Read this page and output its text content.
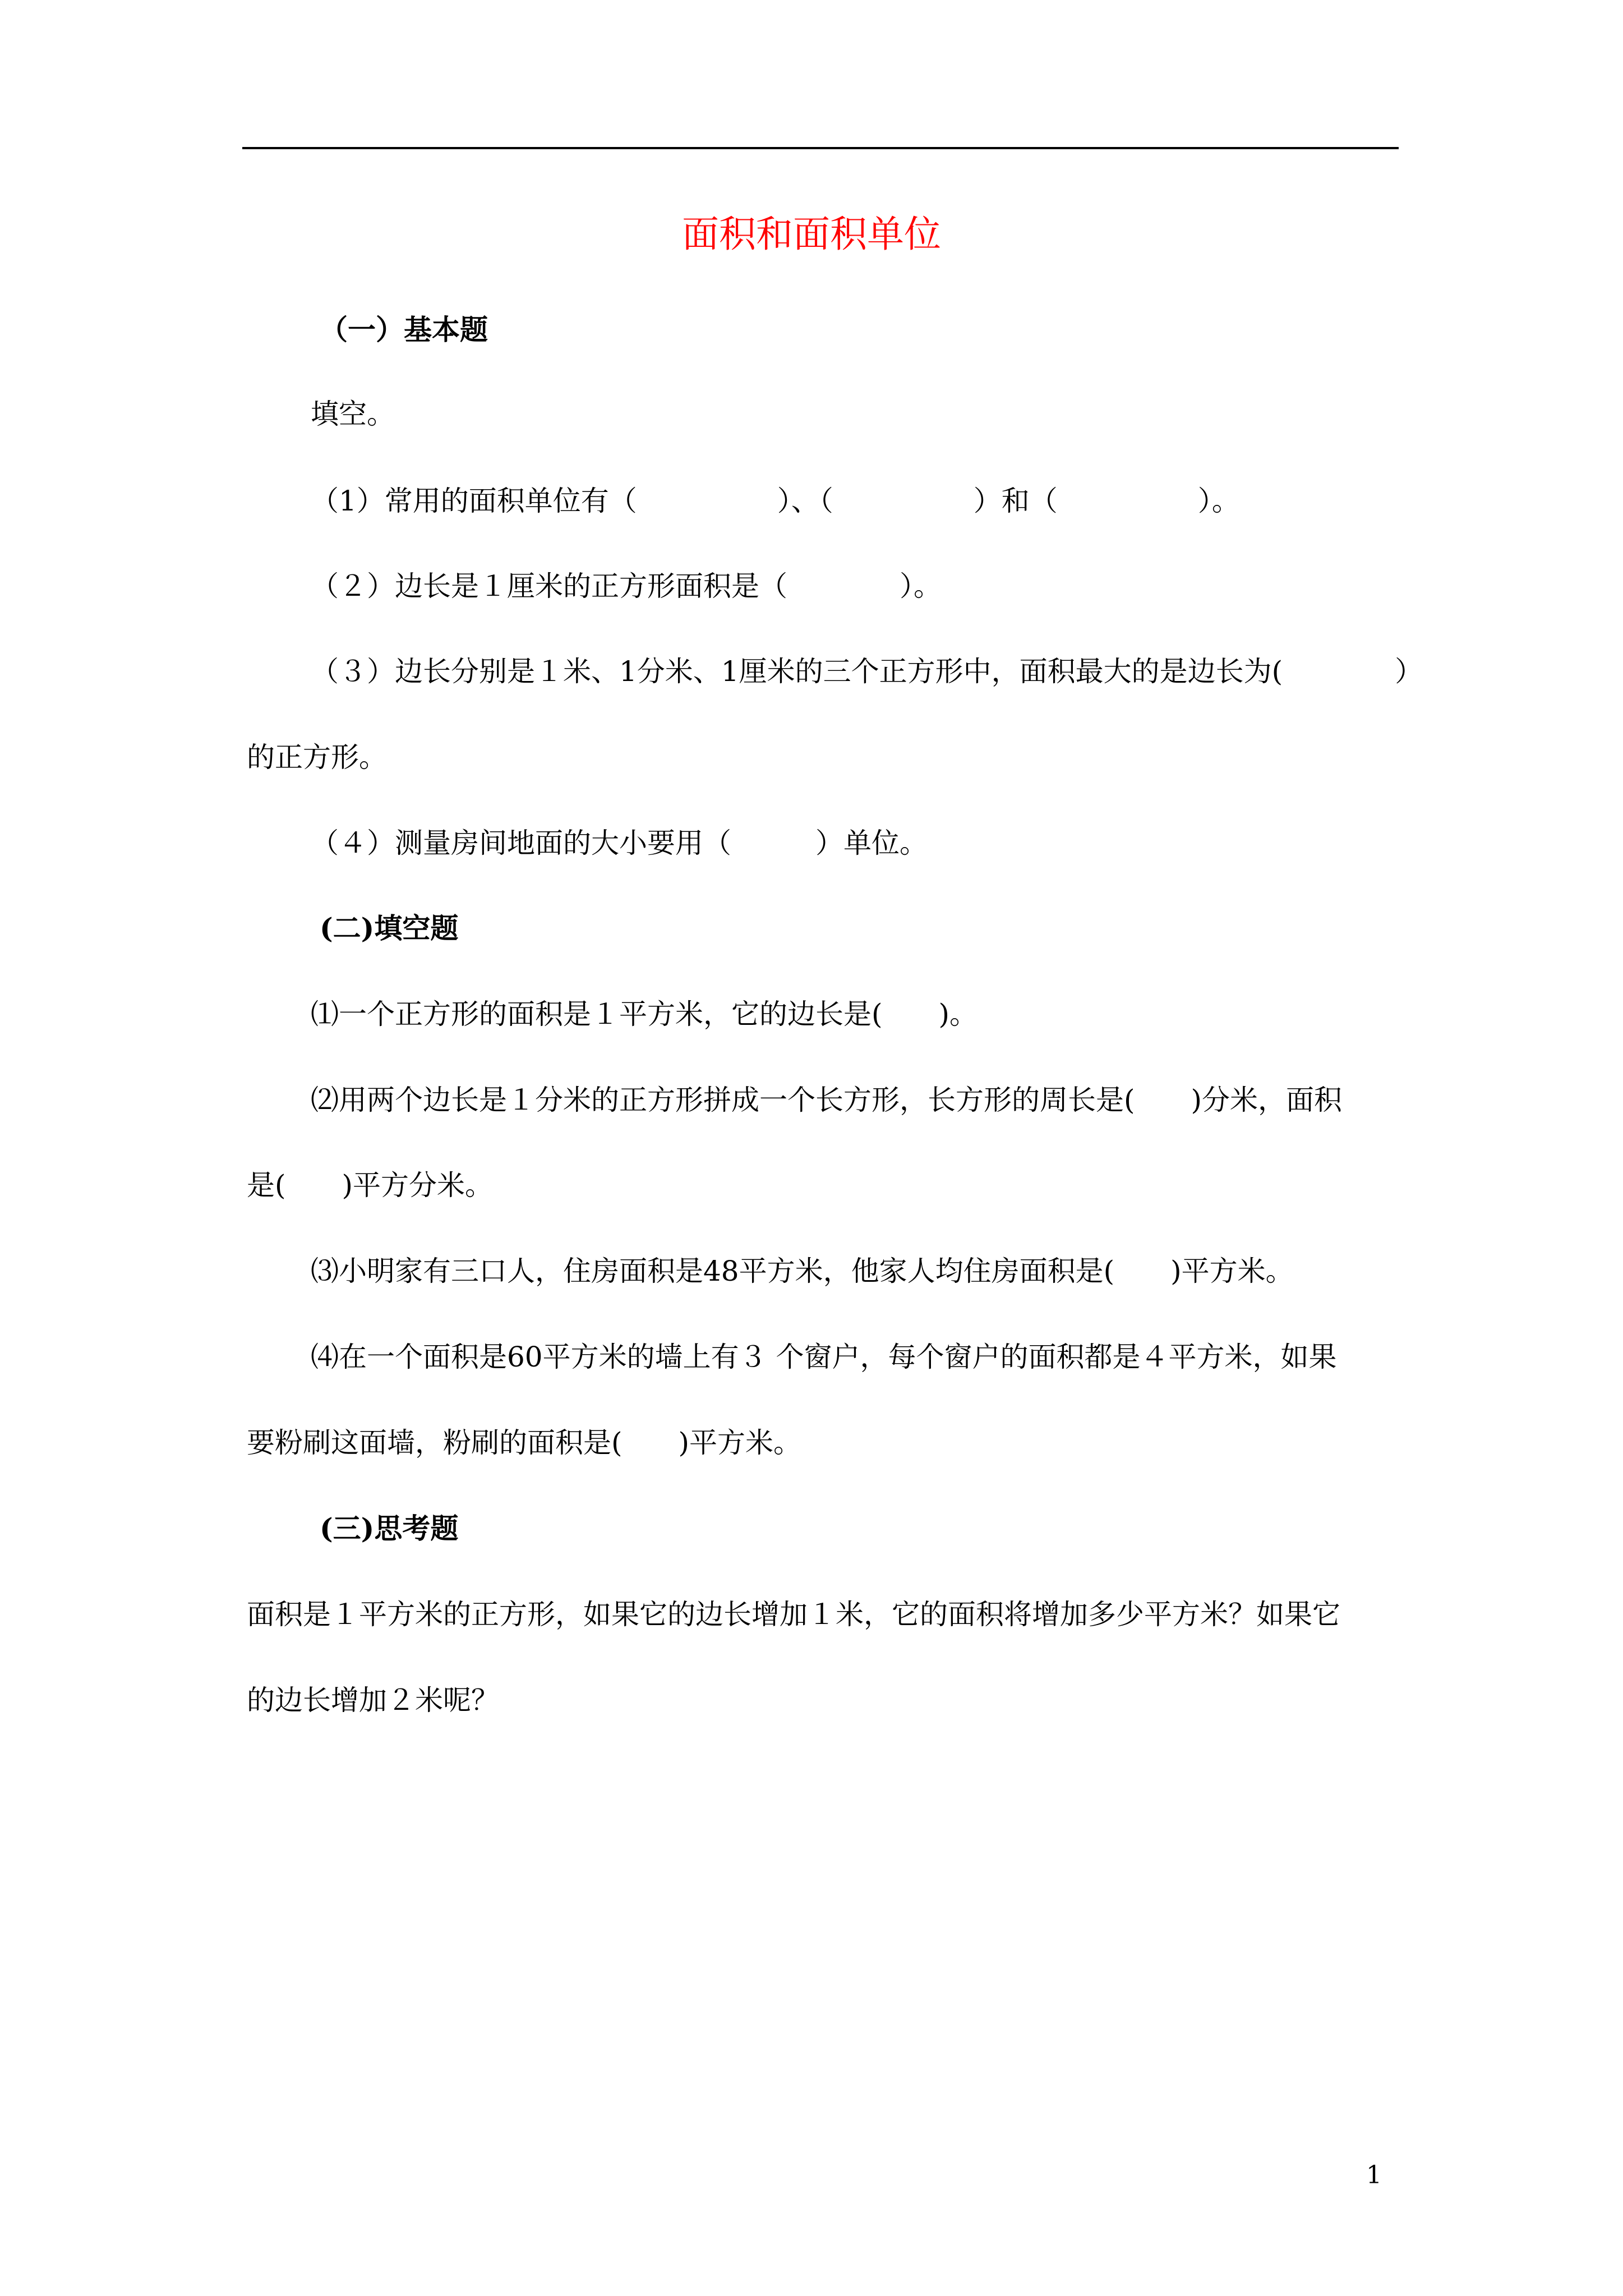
面积和面积单位
（一）基本题
填空。
（1）常用的面积单位有（　　　　　）、（　　　　　）和（　　　　　）。
（２）边长是１厘米的正方形面积是（　　　　）。
（３）边长分别是１米、1分米、1厘米的三个正方形中，面积最大的是边长为(　　　　）
的正方形。
（４）测量房间地面的大小要用（　　　）单位。
(二)填空题
⑴一个正方形的面积是１平方米，它的边长是(　　)。
⑵用两个边长是１分米的正方形拼成一个长方形，长方形的周长是(　　)分米，面积
是(　　)平方分米。
⑶小明家有三口人，住房面积是48平方米，他家人均住房面积是(　　)平方米。
⑷在一个面积是60平方米的墙上有３ 个窗户，每个窗户的面积都是４平方米，如果
要粉刷这面墙，粉刷的面积是(　　)平方米。
(三)思考题
面积是１平方米的正方形，如果它的边长增加１米，它的面积将增加多少平方米？如果它
的边长增加２米呢？
1
